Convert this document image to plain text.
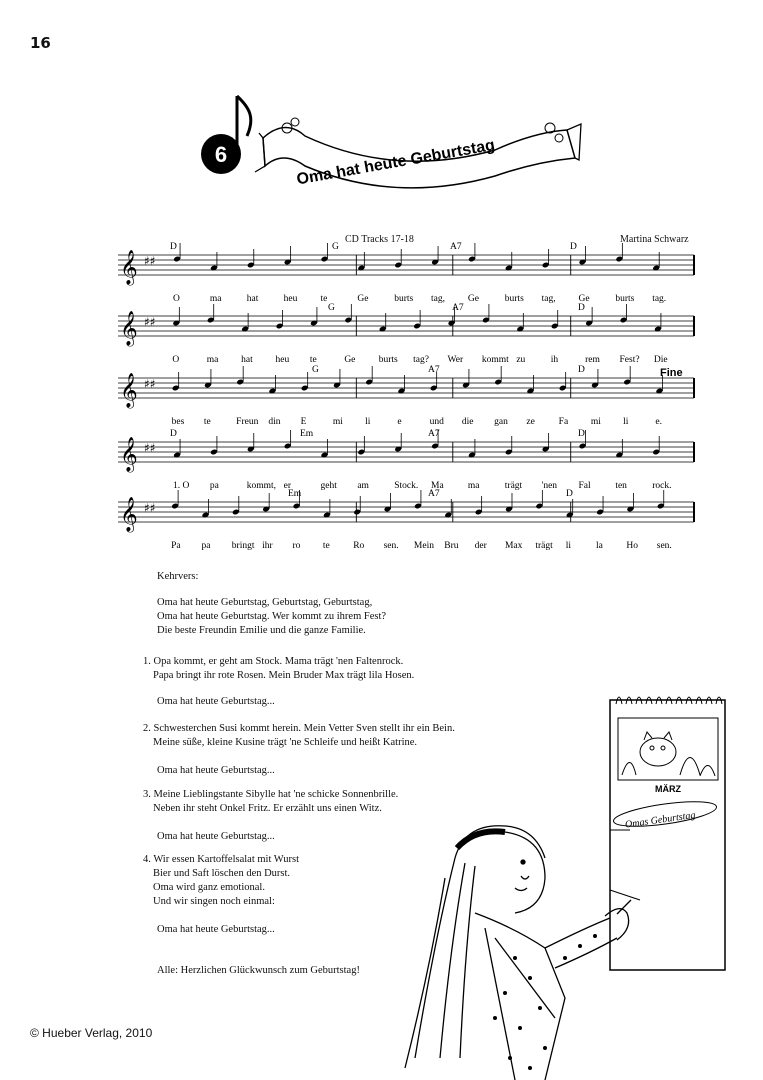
16
6	Oma hat heute Geburtstag
CD Tracks 17-18	Martina Schwarz
𝄞 ♯♯
D	G	A7	D
O	ma	hat	heu te	Ge	burts tag, Ge	burts tag, Ge	burts tag.
𝄞 ♯♯
G	A7	D
O	ma hat heu te	Ge burts tag? Wer kommt zu	ih	rem Fest? Die
𝄞 ♯♯
G	A7	D	Fine
bes te	Freun din E	mi li	e	und die gan ze	Fa mi li	e.
𝄞 ♯♯
D	Em	A7	D
1. O pa	kommt, er	geht am	Stock. Ma	ma	trägt 'nen Fal	ten	rock.
𝄞 ♯♯
Em	A7	D
Pa pa bringt ihr ro te Ro sen. Mein Bru der Max trägt li	la Ho sen.
Kehrvers:
Oma hat heute Geburtstag, Geburtstag, Geburtstag,
Oma hat heute Geburtstag. Wer kommt zu ihrem Fest?
Die beste Freundin Emilie und die ganze Familie.
1. Opa kommt, er geht am Stock. Mama trägt 'nen Faltenrock.
Papa bringt ihr rote Rosen. Mein Bruder Max trägt lila Hosen.
Oma hat heute Geburtstag...
2. Schwesterchen Susi kommt herein. Mein Vetter Sven stellt ihr ein Bein.
Meine süße, kleine Kusine trägt 'ne Schleife und heißt Katrine.
Oma hat heute Geburtstag...
3. Meine Lieblingstante Sibylle hat 'ne schicke Sonnenbrille.
Neben ihr steht Onkel Fritz. Er erzählt uns einen Witz.
Oma hat heute Geburtstag...
4. Wir essen Kartoffelsalat mit Wurst
Bier und Saft löschen den Durst.
Oma wird ganz emotional.
Und wir singen noch einmal:
Oma hat heute Geburtstag...
Alle: Herzlichen Glückwunsch zum Geburtstag!
MÄRZ
Omas Geburtstag
© Hueber Verlag, 2010
